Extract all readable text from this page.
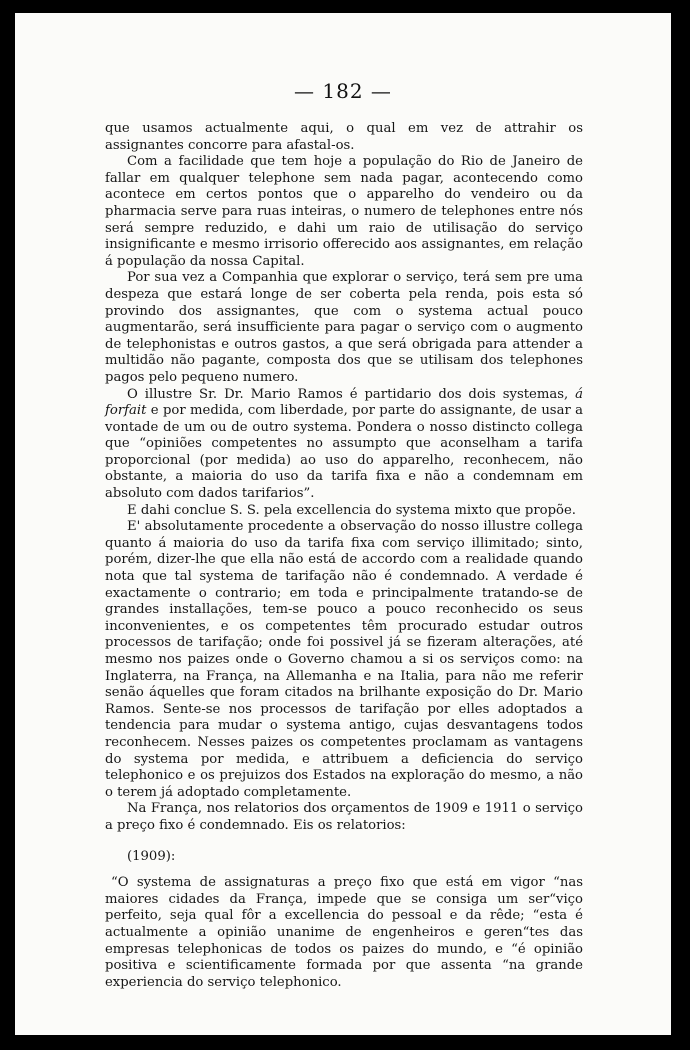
— 182 —

que usamos actualmente aqui, o qual em vez de attrahir os assignantes concorre para afastal-os.

Com a facilidade que tem hoje a população do Rio de Janeiro de fallar em qualquer telephone sem nada pagar, acontecendo como acontece em certos pontos que o apparelho do vendeiro ou da pharmacia serve para ruas inteiras, o numero de telephones entre nós será sempre reduzido, e dahi um raio de utilisação do serviço insignificante e mesmo irrisorio offerecido aos assignantes, em relação á população da nossa Capital.

Por sua vez a Companhia que explorar o serviço, terá sem pre uma despeza que estará longe de ser coberta pela renda, pois esta só provindo dos assignantes, que com o systema actual pouco augmentarão, será insufficiente para pagar o serviço com o augmento de telephonistas e outros gastos, a que será obrigada para attender a multidão não pagante, composta dos que se utilisam dos telephones pagos pelo pequeno numero.

O illustre Sr. Dr. Mario Ramos é partidario dos dois systemas, á forfait e por medida, com liberdade, por parte do assignante, de usar a vontade de um ou de outro systema. Pondera o nosso distincto collega que “opiniões competentes no assumpto que aconselham a tarifa proporcional (por medida) ao uso do apparelho, reconhecem, não obstante, a maioria do uso da tarifa fixa e não a condemnam em absoluto com dados tarifarios”.

E dahi conclue S. S. pela excellencia do systema mixto que propõe.

E' absolutamente procedente a observação do nosso illustre collega quanto á maioria do uso da tarifa fixa com serviço illimitado; sinto, porém, dizer-lhe que ella não está de accordo com a realidade quando nota que tal systema de tarifação não é condemnado. A verdade é exactamente o contrario; em toda e principalmente tratando-se de grandes installações, tem-se pouco a pouco reconhecido os seus inconvenientes, e os competentes têm procurado estudar outros processos de tarifação; onde foi possivel já se fizeram alterações, até mesmo nos paizes onde o Governo chamou a si os serviços como: na Inglaterra, na França, na Allemanha e na Italia, para não me referir senão áquelles que foram citados na brilhante exposição do Dr. Mario Ramos. Sente-se nos processos de tarifação por elles adoptados a tendencia para mudar o systema antigo, cujas desvantagens todos reconhecem. Nesses paizes os competentes proclamam as vantagens do systema por medida, e attribuem a deficiencia do serviço telephonico e os prejuizos dos Estados na exploração do mesmo, a não o terem já adoptado completamente.

Na França, nos relatorios dos orçamentos de 1909 e 1911 o serviço a preço fixo é condemnado. Eis os relatorios:

(1909):

“O systema de assignaturas a preço fixo que está em vigor “nas maiores cidades da França, impede que se consiga um ser“viço perfeito, seja qual fôr a excellencia do pessoal e da rêde; “esta é actualmente a opinião unanime de engenheiros e geren“tes das empresas telephonicas de todos os paizes do mundo, e “é opinião positiva e scientificamente formada por que assenta “na grande experiencia do serviço telephonico.
